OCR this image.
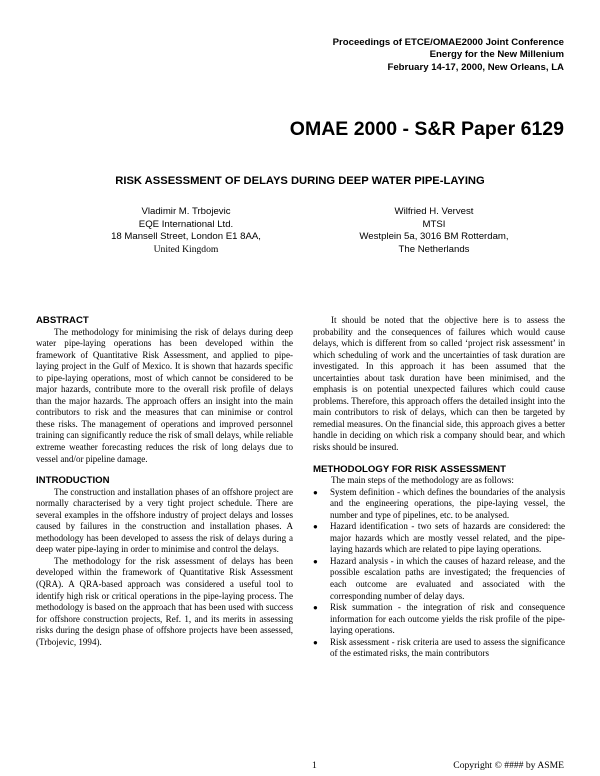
Proceedings of ETCE/OMAE2000 Joint Conference
Energy for the New Millenium
February 14-17, 2000, New Orleans, LA
OMAE 2000 - S&R Paper 6129
RISK ASSESSMENT OF DELAYS DURING DEEP WATER PIPE-LAYING
Vladimir M. Trbojevic
EQE International Ltd.
18 Mansell Street, London E1 8AA,
United Kingdom
Wilfried H. Vervest
MTSI
Westplein 5a, 3016 BM Rotterdam,
The Netherlands
ABSTRACT

The methodology for minimising the risk of delays during deep water pipe-laying operations has been developed within the framework of Quantitative Risk Assessment, and applied to pipe-laying project in the Gulf of Mexico. It is shown that hazards specific to pipe-laying operations, most of which cannot be considered to be major hazards, contribute more to the overall risk profile of delays than the major hazards. The approach offers an insight into the main contributors to risk and the measures that can minimise or control these risks. The management of operations and improved personnel training can significantly reduce the risk of small delays, while reliable extreme weather forecasting reduces the risk of long delays due to vessel and/or pipeline damage.

INTRODUCTION

The construction and installation phases of an offshore project are normally characterised by a very tight project schedule. There are several examples in the offshore industry of project delays and losses caused by failures in the construction and installation phases. A methodology has been developed to assess the risk of delays during a deep water pipe-laying in order to minimise and control the delays.

The methodology for the risk assessment of delays has been developed within the framework of Quantitative Risk Assessment (QRA). A QRA-based approach was considered a useful tool to identify high risk or critical operations in the pipe-laying process. The methodology is based on the approach that has been used with success for offshore construction projects, Ref. 1, and its merits in assessing risks during the design phase of offshore projects have been assessed, (Trbojevic, 1994).

It should be noted that the objective here is to assess the probability and the consequences of failures which would cause delays, which is different from so called ‘project risk assessment’ in which scheduling of work and the uncertainties of task duration are investigated. In this approach it has been assumed that the uncertainties about task duration have been minimised, and the emphasis is on potential unexpected failures which could cause problems. Therefore, this approach offers the detailed insight into the main contributors to risk of delays, which can then be targeted by remedial measures. On the financial side, this approach gives a better handle in deciding on which risk a company should bear, and which risks should be insured.

METHODOLOGY FOR RISK ASSESSMENT

The main steps of the methodology are as follows:

● System definition - which defines the boundaries of the analysis and the engineering operations, the pipe-laying vessel, the number and type of pipelines, etc. to be analysed.
● Hazard identification - two sets of hazards are considered: the major hazards which are mostly vessel related, and the pipe-laying hazards which are related to pipe laying operations.
● Hazard analysis - in which the causes of hazard release, and the possible escalation paths are investigated; the frequencies of each outcome are evaluated and associated with the corresponding number of delay days.
● Risk summation - the integration of risk and consequence information for each outcome yields the risk profile of the pipe-laying operations.
● Risk assessment - risk criteria are used to assess the significance of the estimated risks, the main contributors
1	Copyright © #### by ASME
